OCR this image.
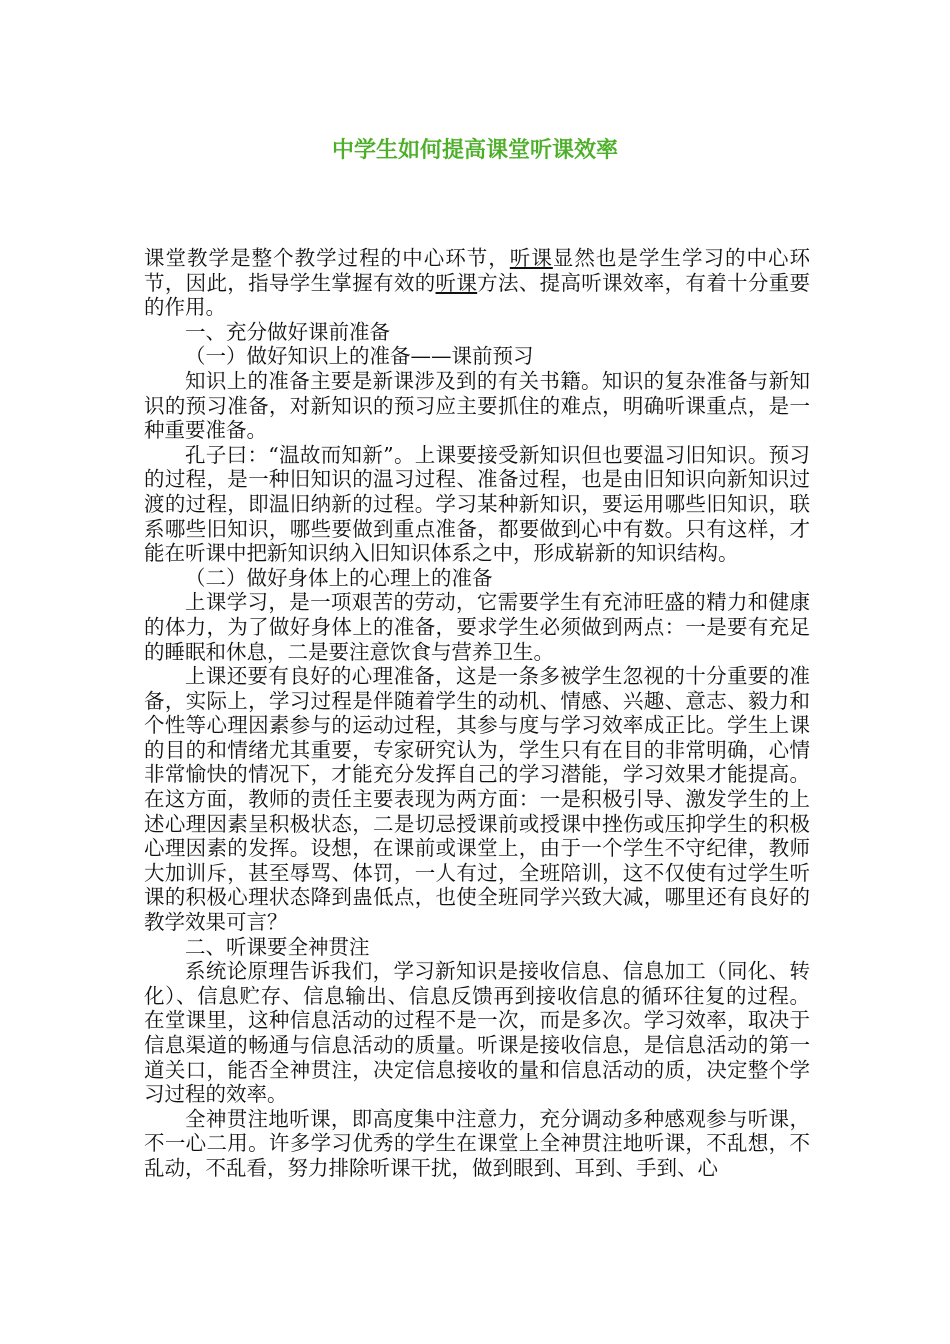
中学生如何提高课堂听课效率

课堂教学是整个教学过程的中心环节，听课显然也是学生学习的中心环节，因此，指导学生掌握有效的听课方法、提高听课效率，有着十分重要的作用。

一、充分做好课前准备

（一）做好知识上的准备——课前预习

知识上的准备主要是新课涉及到的有关书籍。知识的复杂准备与新知识的预习准备，对新知识的预习应主要抓住的难点，明确听课重点，是一种重要准备。

孔子曰：“温故而知新”。上课要接受新知识但也要温习旧知识。预习的过程，是一种旧知识的温习过程、准备过程，也是由旧知识向新知识过渡的过程，即温旧纳新的过程。学习某种新知识，要运用哪些旧知识，联系哪些旧知识，哪些要做到重点准备，都要做到心中有数。只有这样，才能在听课中把新知识纳入旧知识体系之中，形成崭新的知识结构。

（二）做好身体上的心理上的准备

上课学习，是一项艰苦的劳动，它需要学生有充沛旺盛的精力和健康的体力，为了做好身体上的准备，要求学生必须做到两点：一是要有充足的睡眠和休息，二是要注意饮食与营养卫生。

上课还要有良好的心理准备，这是一条多被学生忽视的十分重要的准备，实际上，学习过程是伴随着学生的动机、情感、兴趣、意志、毅力和个性等心理因素参与的运动过程，其参与度与学习效率成正比。学生上课的目的和情绪尤其重要，专家研究认为，学生只有在目的非常明确，心情非常愉快的情况下，才能充分发挥自己的学习潜能，学习效果才能提高。在这方面，教师的责任主要表现为两方面：一是积极引导、激发学生的上述心理因素呈积极状态，二是切忌授课前或授课中挫伤或压抑学生的积极心理因素的发挥。设想，在课前或课堂上，由于一个学生不守纪律，教师大加训斥，甚至辱骂、体罚，一人有过，全班陪训，这不仅使有过学生听课的积极心理状态降到蛊低点，也使全班同学兴致大减，哪里还有良好的教学效果可言？

二、听课要全神贯注

系统论原理告诉我们，学习新知识是接收信息、信息加工（同化、转化）、信息贮存、信息输出、信息反馈再到接收信息的循环往复的过程。在堂课里，这种信息活动的过程不是一次，而是多次。学习效率，取决于信息渠道的畅通与信息活动的质量。听课是接收信息，是信息活动的第一道关口，能否全神贯注，决定信息接收的量和信息活动的质，决定整个学习过程的效率。

全神贯注地听课，即高度集中注意力，充分调动多种感观参与听课，不一心二用。许多学习优秀的学生在课堂上全神贯注地听课，不乱想，不乱动，不乱看，努力排除听课干扰，做到眼到、耳到、手到、心
